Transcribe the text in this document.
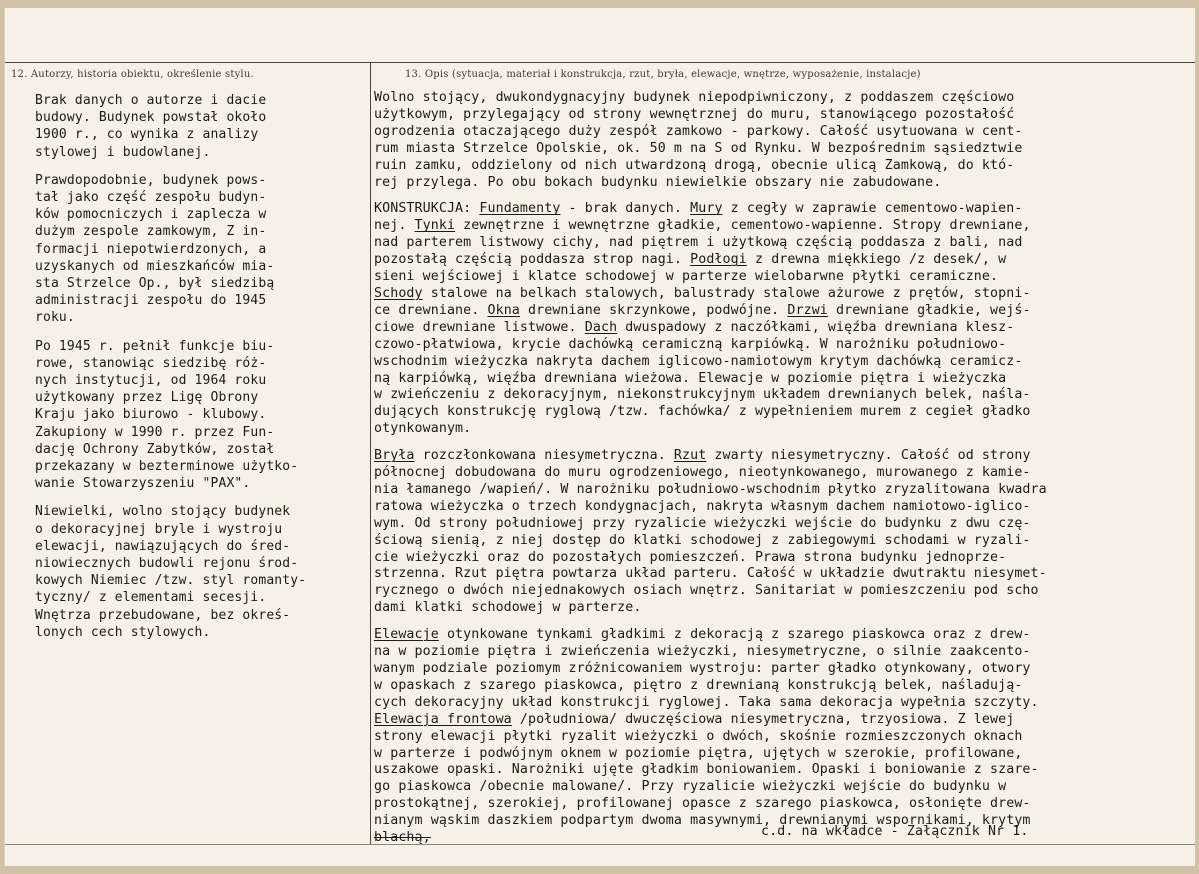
12. Autorzy, historia obiektu, określenie stylu.	13. Opis (sytuacja, materiał i konstrukcja, rzut, bryła, elewacje, wnętrze, wyposażenie, instalacje)

Brak danych o autorze i dacie
budowy. Budynek powstał około
1900 r., co wynika z analizy
stylowej i budowlanej.
Prawdopodobnie, budynek pows-
tał jako część zespołu budyn-
ków pomocniczych i zaplecza w
dużym zespole zamkowym, Z in-
formacji niepotwierdzonych, a
uzyskanych od mieszkańców mia-
sta Strzelce Op., był siedzibą
administracji zespołu do 1945
roku.
Po 1945 r. pełnił funkcje biu-
rowe, stanowiąc siedzibę róż-
nych instytucji, od 1964 roku
użytkowany przez Ligę Obrony
Kraju jako biurowo - klubowy.
Zakupiony w 1990 r. przez Fun-
dację Ochrony Zabytków, został
przekazany w bezterminowe użytko-
wanie Stowarzyszeniu "PAX".
Niewielki, wolno stojący budynek
o dekoracyjnej bryle i wystroju
elewacji, nawiązujących do śred-
niowiecznych budowli rejonu środ-
kowych Niemiec /tzw. styl romanty-
tyczny/ z elementami secesji.
Wnętrza przebudowane, bez okreś-
lonych cech stylowych.
Wolno stojący, dwukondygnacyjny budynek niepodpiwniczony, z poddaszem częściowo
użytkowym, przylegający od strony wewnętrznej do muru, stanowiącego pozostałość
ogrodzenia otaczającego duży zespół zamkowo - parkowy. Całość usytuowana w cent-
rum miasta Strzelce Opolskie, ok. 50 m na S od Rynku. W bezpośrednim sąsiedztwie
ruin zamku, oddzielony od nich utwardzoną drogą, obecnie ulicą Zamkową, do któ-
rej przylega. Po obu bokach budynku niewielkie obszary nie zabudowane.
KONSTRUKCJA: Fundamenty - brak danych. Mury z cegły w zaprawie cementowo-wapien-
nej. Tynki zewnętrzne i wewnętrzne gładkie, cementowo-wapienne. Stropy drewniane,
nad parterem listwowy cichy, nad piętrem i użytkową częścią poddasza z bali, nad
pozostałą częścią poddasza strop nagi. Podłogi z drewna miękkiego /z desek/, w
sieni wejściowej i klatce schodowej w parterze wielobarwne płytki ceramiczne.
Schody stalowe na belkach stalowych, balustrady stalowe ażurowe z prętów, stopni-
ce drewniane. Okna drewniane skrzynkowe, podwójne. Drzwi drewniane gładkie, wejś-
ciowe drewniane listwowe. Dach dwuspadowy z naczółkami, więźba drewniana klesz-
czowo-płatwiowa, krycie dachówką ceramiczną karpiówką. W narożniku południowo-
wschodnim wieżyczka nakryta dachem iglicowo-namiotowym krytym dachówką ceramicz-
ną karpiówką, więźba drewniana wieżowa. Elewacje w poziomie piętra i wieżyczka
w zwieńczeniu z dekoracyjnym, niekonstrukcyjnym układem drewnianych belek, naśla-
dujących konstrukcję ryglową /tzw. fachówka/ z wypełnieniem murem z cegieł gładko
otynkowanym.
Bryła rozczłonkowana niesymetryczna. Rzut zwarty niesymetryczny. Całość od strony
północnej dobudowana do muru ogrodzeniowego, nieotynkowanego, murowanego z kamie-
nia łamanego /wapień/. W narożniku południowo-wschodnim płytko zryzalitowana kwadra
ratowa wieżyczka o trzech kondygnacjach, nakryta własnym dachem namiotowo-iglico-
wym. Od strony południowej przy ryzalicie wieżyczki wejście do budynku z dwu czę-
ściową sienią, z niej dostęp do klatki schodowej z zabiegowymi schodami w ryzali-
cie wieżyczki oraz do pozostałych pomieszczeń. Prawa strona budynku jednoprze-
strzenna. Rzut piętra powtarza układ parteru. Całość w układzie dwutraktu niesymet-
rycznego o dwóch niejednakowych osiach wnętrz. Sanitariat w pomieszczeniu pod scho
dami klatki schodowej w parterze.
Elewacje otynkowane tynkami gładkimi z dekoracją z szarego piaskowca oraz z drew-
na w poziomie piętra i zwieńczenia wieżyczki, niesymetryczne, o silnie zaakcento-
wanym podziale poziomym zróżnicowaniem wystroju: parter gładko otynkowany, otwory
w opaskach z szarego piaskowca, piętro z drewnianą konstrukcją belek, naśladują-
cych dekoracyjny układ konstrukcji ryglowej. Taka sama dekoracja wypełnia szczyty.
Elewacja frontowa /południowa/ dwuczęściowa niesymetryczna, trzyosiowa. Z lewej
strony elewacji płytki ryzalit wieżyczki o dwóch, skośnie rozmieszczonych oknach
w parterze i podwójnym oknem w poziomie piętra, ujętych w szerokie, profilowane,
uszakowe opaski. Narożniki ujęte gładkim boniowaniem. Opaski i boniowanie z szare-
go piaskowca /obecnie malowane/. Przy ryzalicie wieżyczki wejście do budynku w
prostokątnej, szerokiej, profilowanej opasce z szarego piaskowca, osłonięte drew-
nianym wąskim daszkiem podpartym dwoma masywnymi, drewnianymi wspornikami, krytym
blachą,	c.d. na wkładce - Załącznik Nr 1.
